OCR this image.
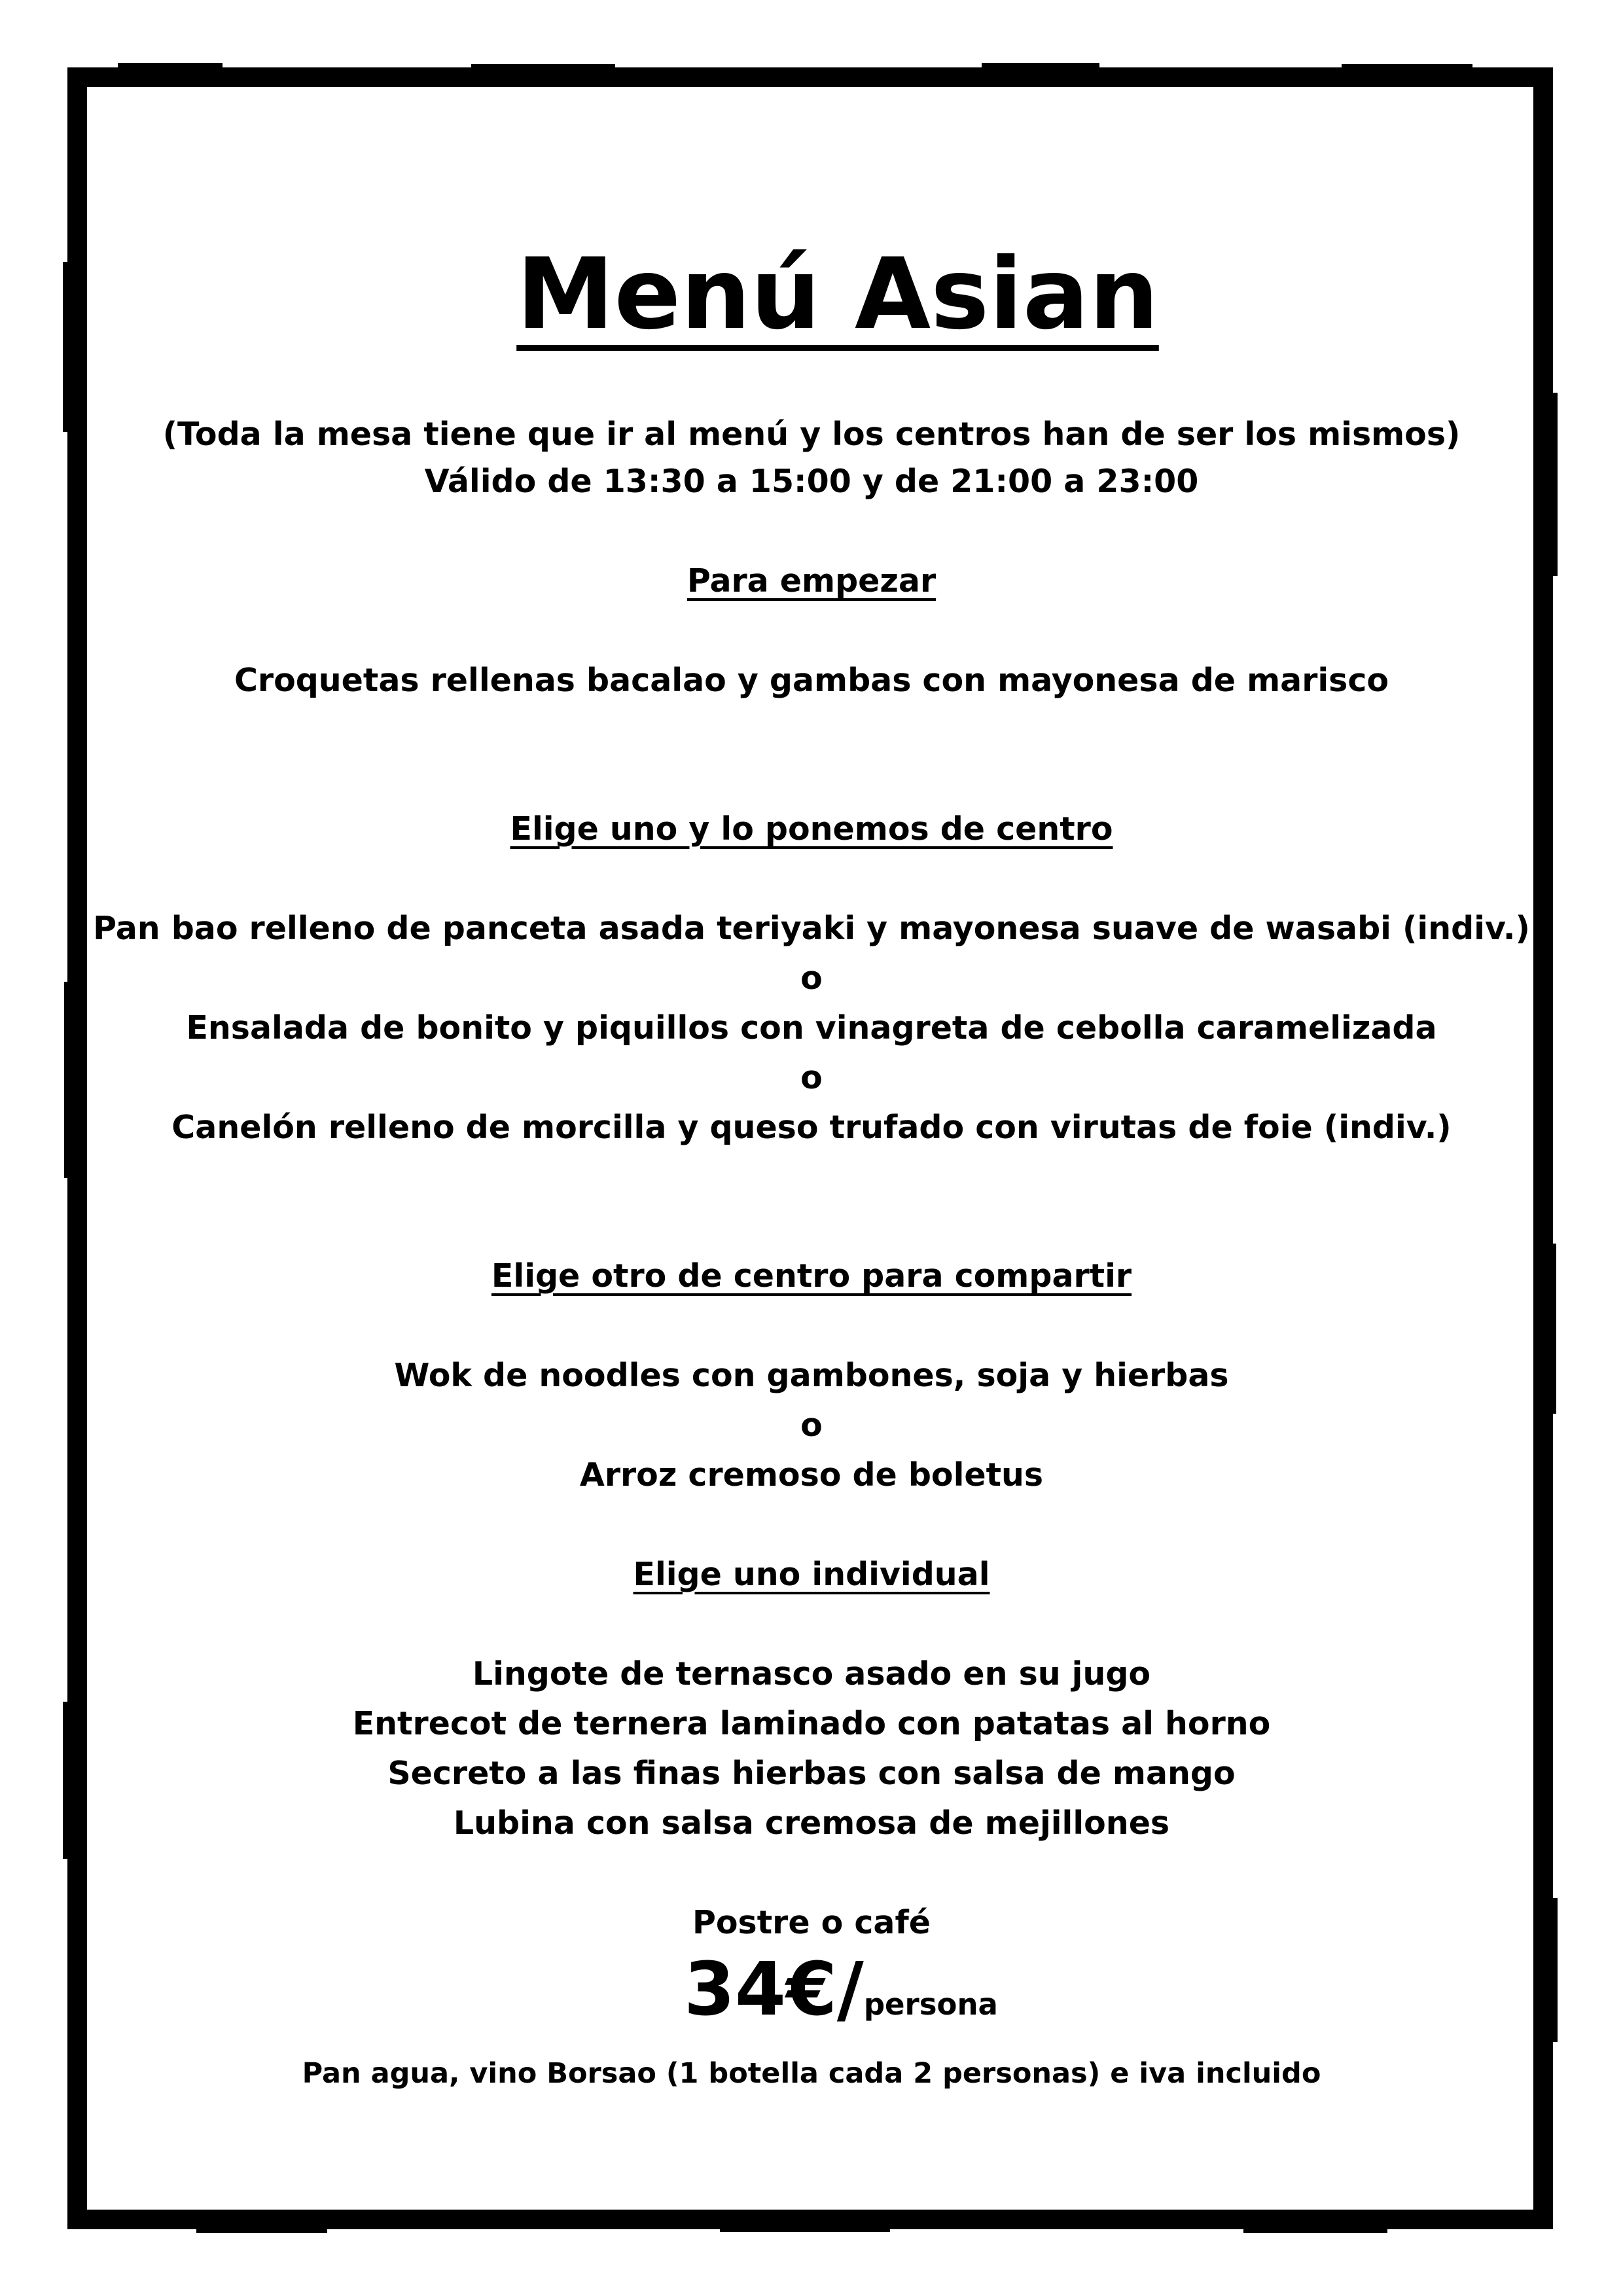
Menú Asian
(Toda la mesa tiene que ir al menú y los centros han de ser los mismos)
Válido de 13:30 a 15:00 y de 21:00 a 23:00
Para empezar
Croquetas rellenas bacalao y gambas con mayonesa de marisco
Elige uno y lo ponemos de centro
Pan bao relleno de panceta asada teriyaki y mayonesa suave de wasabi (indiv.)
o
Ensalada de bonito y piquillos con vinagreta de cebolla caramelizada
o
Canelón relleno de morcilla y queso trufado con virutas de foie (indiv.)
Elige otro de centro para compartir
Wok de noodles con gambones, soja y hierbas
o
Arroz cremoso de boletus
Elige uno individual
Lingote de ternasco asado en su jugo
Entrecot de ternera laminado con patatas al horno
Secreto a las finas hierbas con salsa de mango
Lubina con salsa cremosa de mejillones
Postre o café
34€/persona
Pan agua, vino Borsao (1 botella cada 2 personas) e iva incluido
